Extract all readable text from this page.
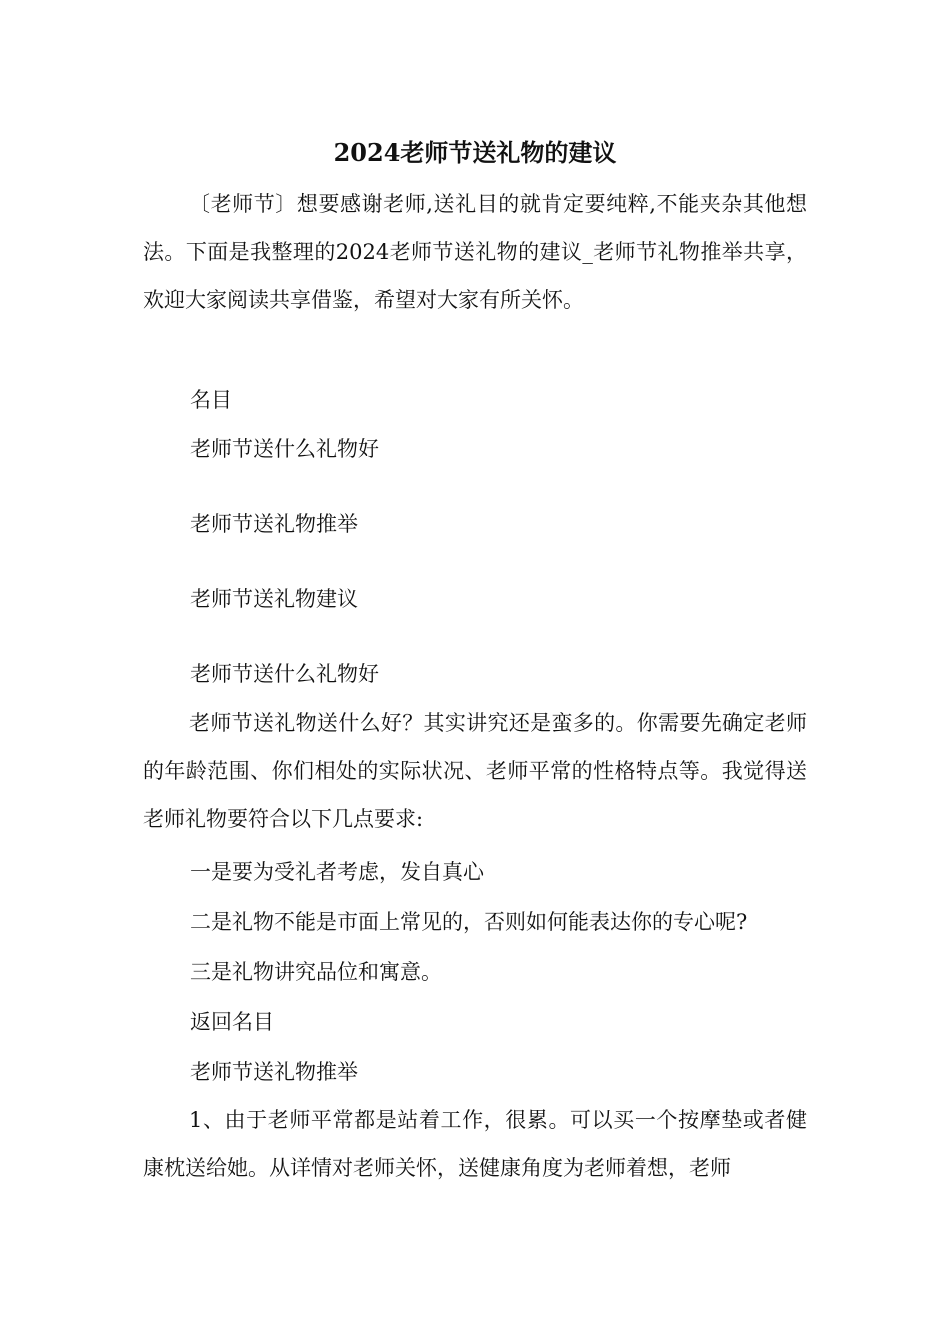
2024老师节送礼物的建议

〔老师节〕想要感谢老师,送礼目的就肯定要纯粹,不能夹杂其他想法。下面是我整理的2024老师节送礼物的建议_老师节礼物推举共享，欢迎大家阅读共享借鉴，希望对大家有所关怀。

名目
老师节送什么礼物好
老师节送礼物推举
老师节送礼物建议
老师节送什么礼物好

老师节送礼物送什么好？其实讲究还是蛮多的。你需要先确定老师的年龄范围、你们相处的实际状况、老师平常的性格特点等。我觉得送老师礼物要符合以下几点要求:

一是要为受礼者考虑，发自真心
二是礼物不能是市面上常见的，否则如何能表达你的专心呢?
三是礼物讲究品位和寓意。
返回名目
老师节送礼物推举

1、由于老师平常都是站着工作，很累。可以买一个按摩垫或者健康枕送给她。从详情对老师关怀，送健康角度为老师着想，老师
